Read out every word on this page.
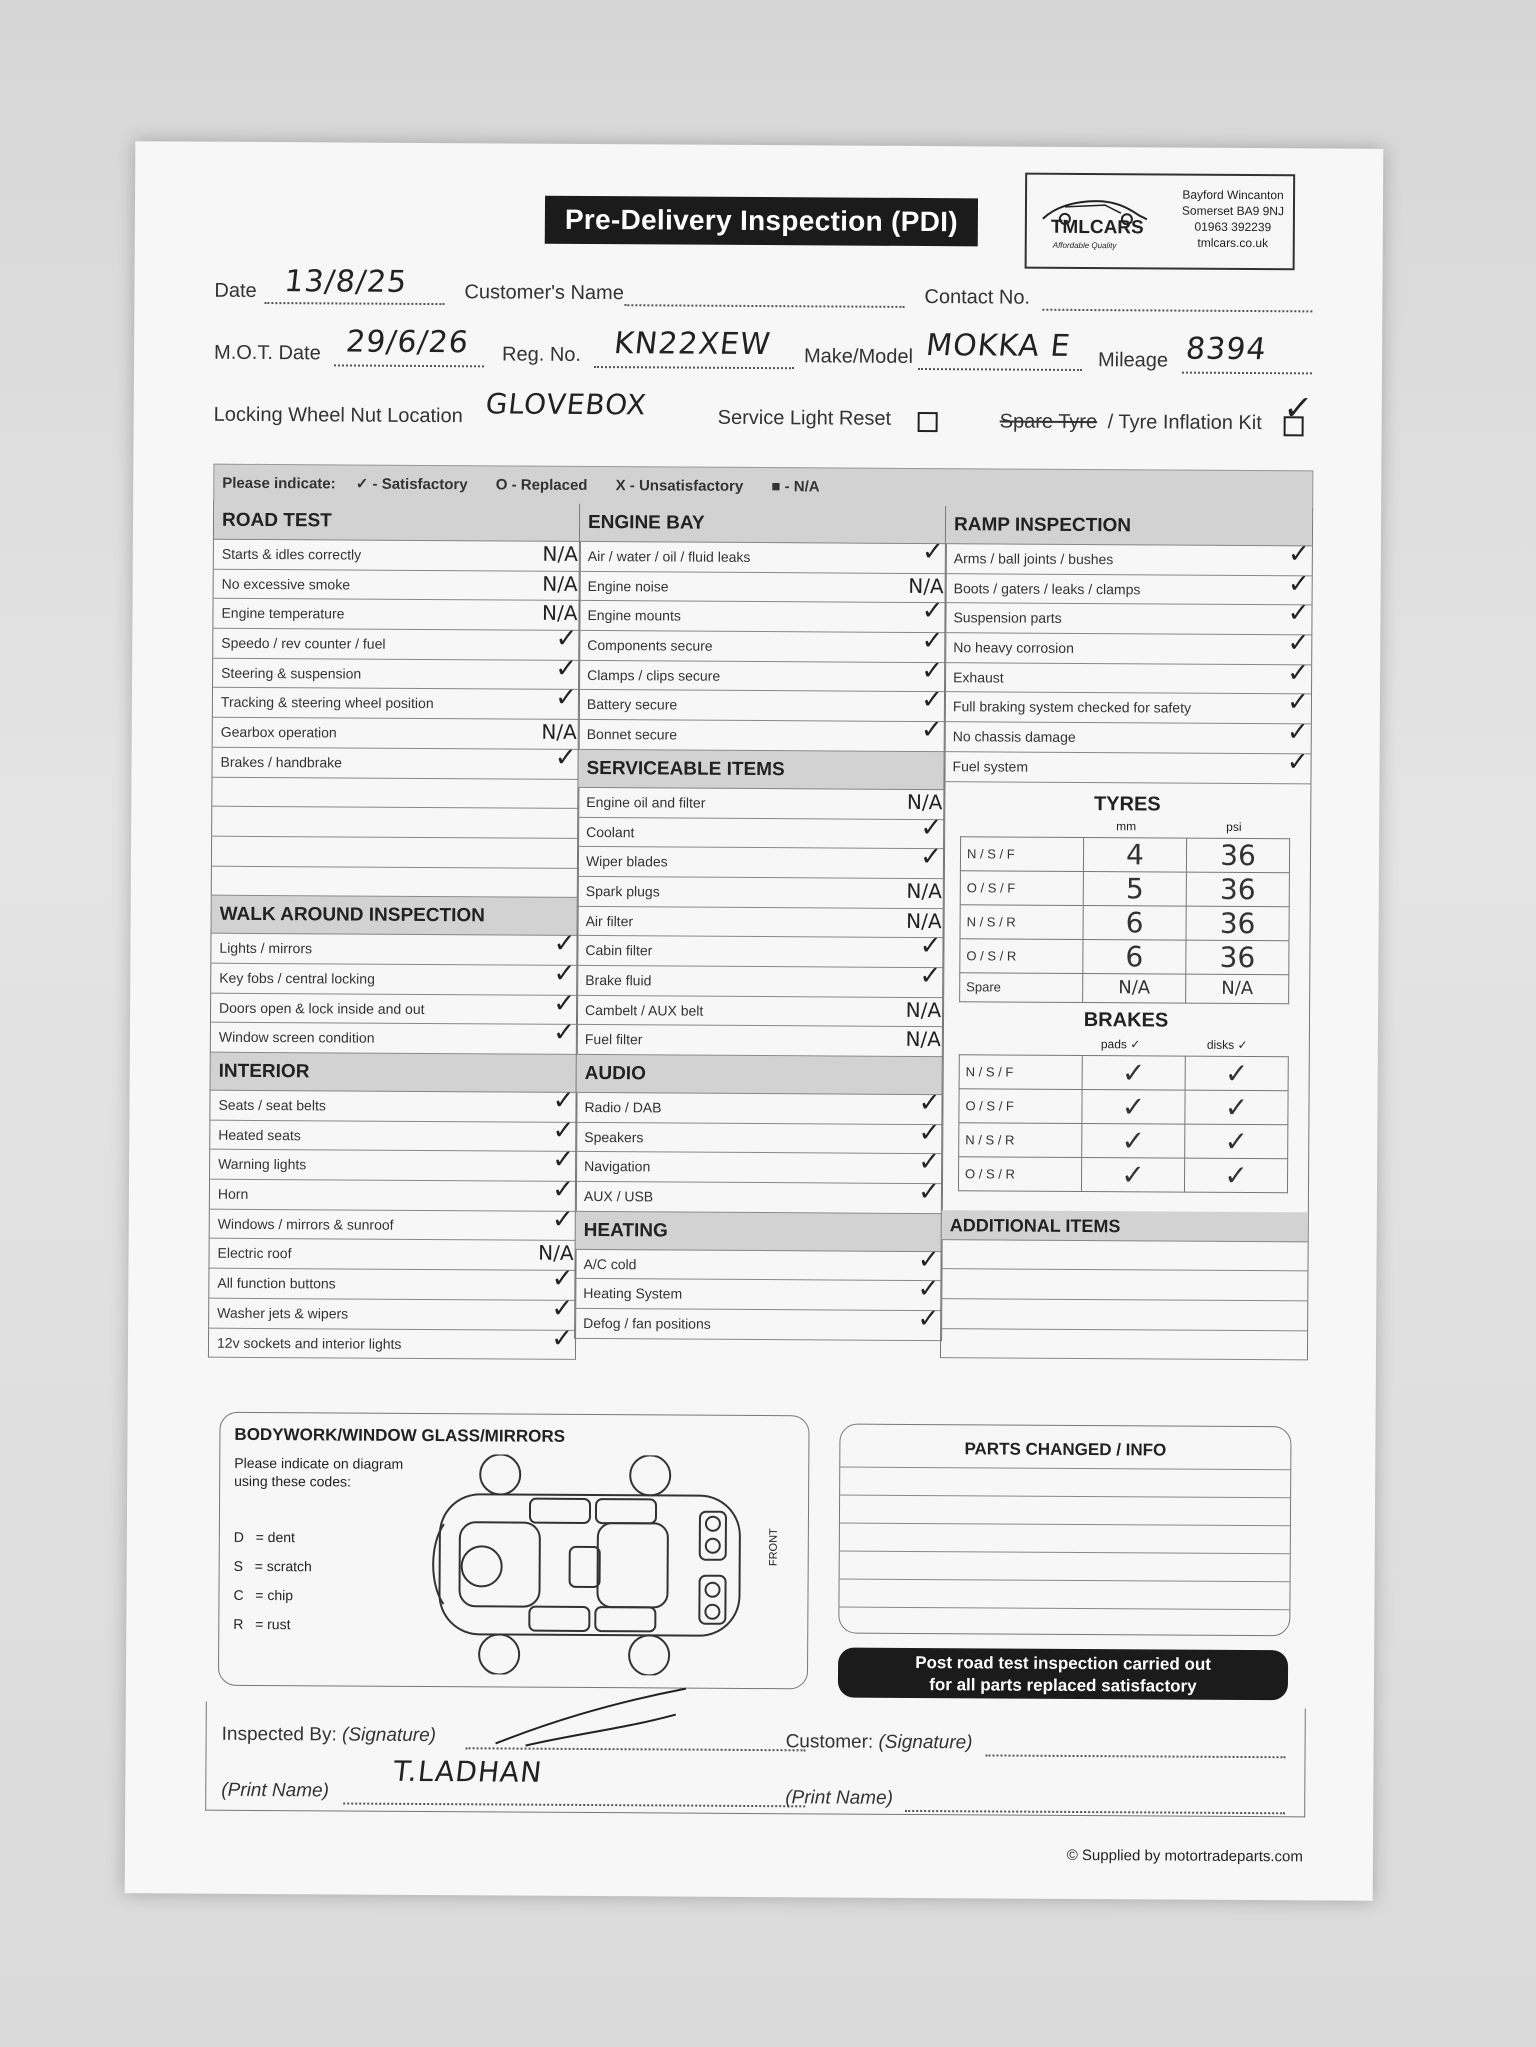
Pre-Delivery Inspection (PDI)	TMLCARS
Affordable Quality
Bayford Wincanton
Somerset BA9 9NJ
01963 392239
tmlcars.co.uk
Date 13/8/25	Customer's Name	Contact No.
M.O.T. Date 29/6/26 Reg. No. KN22XEW Make/Model MOKKA E Mileage 8394
Locking Wheel Nut Location GLOVEBOX	Service Light Reset	Spare Tyre / Tyre Inflation Kit ✓
Please indicate: ✓ - Satisfactory O - Replaced X - Unsatisfactory ■ - N/A
ROAD TEST
Starts & idles correctly	N/A
No excessive smoke	N/A
Engine temperature	N/A
Speedo / rev counter / fuel	✓
Steering & suspension	✓
Tracking & steering wheel position	✓
Gearbox operation	N/A
Brakes / handbrake	✓
WALK AROUND INSPECTION
Lights / mirrors	✓
Key fobs / central locking	✓
Doors open & lock inside and out	✓
Window screen condition	✓
INTERIOR
Seats / seat belts	✓
Heated seats	✓
Warning lights	✓
Horn	✓
Windows / mirrors & sunroof	✓
Electric roof	N/A
All function buttons	✓
Washer jets & wipers	✓
12v sockets and interior lights	✓
ENGINE BAY
Air / water / oil / fluid leaks	✓
Engine noise	N/A
Engine mounts	✓
Components secure	✓
Clamps / clips secure	✓
Battery secure	✓
Bonnet secure	✓
SERVICEABLE ITEMS
Engine oil and filter	N/A
Coolant	✓
Wiper blades	✓
Spark plugs	N/A
Air filter	N/A
Cabin filter	✓
Brake fluid	✓
Cambelt / AUX belt	N/A
Fuel filter	N/A
AUDIO
Radio / DAB	✓
Speakers	✓
Navigation	✓
AUX / USB	✓
HEATING
A/C cold	✓
Heating System	✓
Defog / fan positions	✓
RAMP INSPECTION
Arms / ball joints / bushes	✓
Boots / gaters / leaks / clamps	✓
Suspension parts	✓
No heavy corrosion	✓
Exhaust	✓
Full braking system checked for safety	✓
No chassis damage	✓
Fuel system	✓
TYRES
mm	psi
N / S / F	4	36
O / S / F	5	36
N / S / R	6	36
O / S / R	6	36
Spare	N/A	N/A
BRAKES
pads ✓	disks ✓
N / S / F	✓	✓
O / S / F	✓	✓
N / S / R	✓	✓
O / S / R	✓	✓
ADDITIONAL ITEMS
BODYWORK/WINDOW GLASS/MIRRORS
Please indicate on diagram
using these codes:
D = dent
S = scratch
C = chip
R = rust
FRONT
PARTS CHANGED / INFO
Post road test inspection carried out
for all parts replaced satisfactory
Inspected By: (Signature)	Customer: (Signature)
(Print Name)
T.LADHAN
(Print Name)
© Supplied by motortradeparts.com
